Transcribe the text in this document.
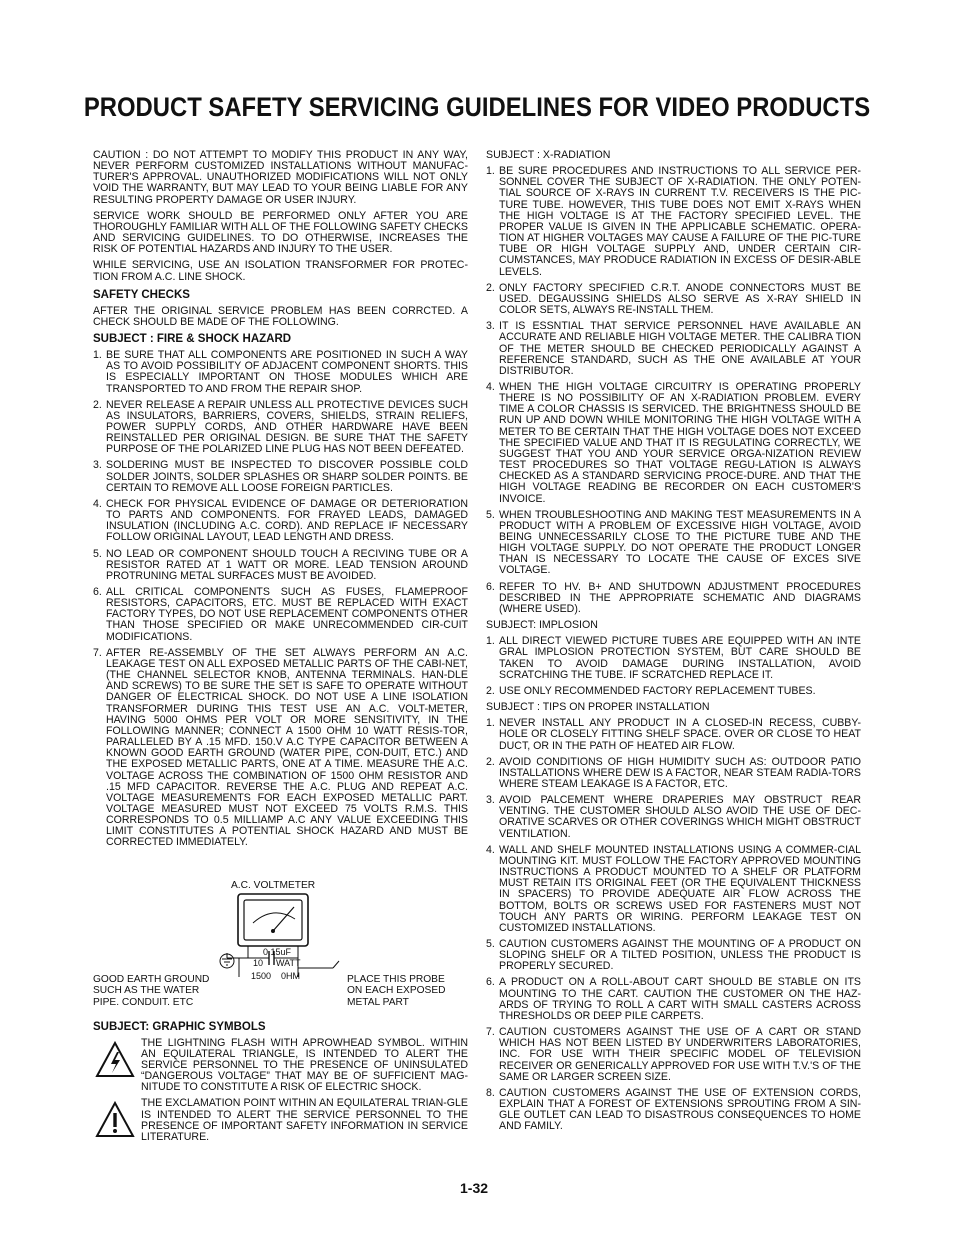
PRODUCT SAFETY SERVICING GUIDELINES FOR VIDEO PRODUCTS

CAUTION : DO NOT ATTEMPT TO MODIFY THIS PRODUCT IN ANY WAY, NEVER PERFORM CUSTOMIZED INSTALLATIONS WITHOUT MANUFAC-TURER'S APPROVAL. UNAUTHORIZED MODIFICATIONS WILL NOT ONLY VOID THE WARRANTY, BUT MAY LEAD TO YOUR BEING LIABLE FOR ANY RESULTING PROPERTY DAMAGE OR USER INJURY.

SERVICE WORK SHOULD BE PERFORMED ONLY AFTER YOU ARE THOROUGHLY FAMILIAR WITH ALL OF THE FOLLOWING SAFETY CHECKS AND SERVICING GUIDELINES. TO DO OTHERWISE, INCREASES THE RISK OF POTENTIAL HAZARDS AND INJURY TO THE USER.

WHILE SERVICING, USE AN ISOLATION TRANSFORMER FOR PROTEC-TION FROM A.C. LINE SHOCK.

SAFETY CHECKS

AFTER THE ORIGINAL SERVICE PROBLEM HAS BEEN CORRCTED. A CHECK SHOULD BE MADE OF THE FOLLOWING.

SUBJECT : FIRE & SHOCK HAZARD
1. BE SURE THAT ALL COMPONENTS ARE POSITIONED IN SUCH A WAY AS TO AVOID POSSIBILITY OF ADJACENT COMPONENT SHORTS. THIS IS ESPECIALLY IMPORTANT ON THOSE MODULES WHICH ARE TRANSPORTED TO AND FROM THE REPAIR SHOP.
2. NEVER RELEASE A REPAIR UNLESS ALL PROTECTIVE DEVICES SUCH AS INSULATORS, BARRIERS, COVERS, SHIELDS, STRAIN RELIEFS, POWER SUPPLY CORDS, AND OTHER HARDWARE HAVE BEEN REINSTALLED PER ORIGINAL DESIGN. BE SURE THAT THE SAFETY PURPOSE OF THE POLARIZED LINE PLUG HAS NOT BEEN DEFEATED.
3. SOLDERING MUST BE INSPECTED TO DISCOVER POSSIBLE COLD SOLDER JOINTS, SOLDER SPLASHES OR SHARP SOLDER POINTS. BE CERTAIN TO REMOVE ALL LOOSE FOREIGN PARTICLES.
4. CHECK FOR PHYSICAL EVIDENCE OF DAMAGE OR DETERIORATION TO PARTS AND COMPONENTS. FOR FRAYED LEADS, DAMAGED INSULATION (INCLUDING A.C. CORD). AND REPLACE IF NECESSARY FOLLOW ORIGINAL LAYOUT, LEAD LENGTH AND DRESS.
5. NO LEAD OR COMPONENT SHOULD TOUCH A RECIVING TUBE OR A RESISTOR RATED AT 1 WATT OR MORE. LEAD TENSION AROUND PROTRUNING METAL SURFACES MUST BE AVOIDED.
6. ALL CRITICAL COMPONENTS SUCH AS FUSES, FLAMEPROOF RESISTORS, CAPACITORS, ETC. MUST BE REPLACED WITH EXACT FACTORY TYPES, DO NOT USE REPLACEMENT COMPONENTS OTHER THAN THOSE SPECIFIED OR MAKE UNRECOMMENDED CIR-CUIT MODIFICATIONS.
7. AFTER RE-ASSEMBLY OF THE SET ALWAYS PERFORM AN A.C. LEAKAGE TEST ON ALL EXPOSED METALLIC PARTS OF THE CABI-NET, (THE CHANNEL SELECTOR KNOB, ANTENNA TERMINALS. HAN-DLE AND SCREWS) TO BE SURE THE SET IS SAFE TO OPERATE WITHOUT DANGER OF ELECTRICAL SHOCK. DO NOT USE A LINE ISOLATION TRANSFORMER DURING THIS TEST USE AN A.C. VOLT-METER, HAVING 5000 OHMS PER VOLT OR MORE SENSITIVITY, IN THE FOLLOWING MANNER; CONNECT A 1500 OHM 10 WATT RESIS-TOR, PARALLELED BY A .15 MFD. 150.V A.C TYPE CAPACITOR BETWEEN A KNOWN GOOD EARTH GROUND (WATER PIPE, CON-DUIT, ETC.) AND THE EXPOSED METALLIC PARTS, ONE AT A TIME. MEASURE THE A.C. VOLTAGE ACROSS THE COMBINATION OF 1500 OHM RESISTOR AND .15 MFD CAPACITOR. REVERSE THE A.C. PLUG AND REPEAT A.C. VOLTAGE MEASUREMENTS FOR EACH EXPOSED METALLIC PART. VOLTAGE MEASURED MUST NOT EXCEED 75 VOLTS R.M.S. THIS CORRESPONDS TO 0.5 MILLIAMP A.C ANY VALUE EXCEEDING THIS LIMIT CONSTITUTES A POTENTIAL SHOCK HAZARD AND MUST BE CORRECTED IMMEDIATELY.
A.C. VOLTMETER
0.15uF
1500 0HM
GOOD EARTH GROUND
SUCH AS THE WATER
PIPE. CONDUIT. ETC
PLACE THIS PROBE
ON EACH EXPOSED
METAL PART
$^{10}$ $^{WATT}$
SUBJECT: GRAPHIC SYMBOLS

THE LIGHTNING FLASH WITH APROWHEAD SYMBOL. WITHIN AN EQUILATERAL TRIANGLE, IS INTENDED TO ALERT THE SERVICE PERSONNEL TO THE PRESENCE OF UNINSULATED “DANGEROUS VOLTAGE” THAT MAY BE OF SUFFICIENT MAG-NITUDE TO CONSTITUTE A RISK OF ELECTRIC SHOCK.

THE EXCLAMATION POINT WITHIN AN EQUILATERAL TRIAN-GLE IS INTENDED TO ALERT THE SERVICE PERSONNEL TO THE PRESENCE OF IMPORTANT SAFETY INFORMATION IN SERVICE LITERATURE.

SUBJECT : X-RADIATION
1. BE SURE PROCEDURES AND INSTRUCTIONS TO ALL SERVICE PER-SONNEL COVER THE SUBJECT OF X-RADIATION. THE ONLY POTEN-TIAL SOURCE OF X-RAYS IN CURRENT T.V. RECEIVERS IS THE PIC-TURE TUBE. HOWEVER, THIS TUBE DOES NOT EMIT X-RAYS WHEN THE HIGH VOLTAGE IS AT THE FACTORY SPECIFIED LEVEL. THE PROPER VALUE IS GIVEN IN THE APPLICABLE SCHEMATIC. OPERA-TION AT HIGHER VOLTAGES MAY CAUSE A FAILURE OF THE PIC-TURE TUBE OR HIGH VOLTAGE SUPPLY AND, UNDER CERTAIN CIR-CUMSTANCES, MAY PRODUCE RADIATION IN EXCESS OF DESIR-ABLE LEVELS.
2. ONLY FACTORY SPECIFIED C.R.T. ANODE CONNECTORS MUST BE USED. DEGAUSSING SHIELDS ALSO SERVE AS X-RAY SHIELD IN COLOR SETS, ALWAYS RE-INSTALL THEM.
3. IT IS ESSNTIAL THAT SERVICE PERSONNEL HAVE AVAILABLE AN ACCURATE AND RELIABLE HIGH VOLTAGE METER. THE CALIBRA TION OF THE METER SHOULD BE CHECKED PERIODICALLY AGAINST A REFERENCE STANDARD, SUCH AS THE ONE AVAILABLE AT YOUR DISTRIBUTOR.
4. WHEN THE HIGH VOLTAGE CIRCUITRY IS OPERATING PROPERLY THERE IS NO POSSIBILITY OF AN X-RADIATION PROBLEM. EVERY TIME A COLOR CHASSIS IS SERVICED. THE BRIGHTNESS SHOULD BE RUN UP AND DOWN WHILE MONITORING THE HIGH VOLTAGE WITH A METER TO BE CERTAIN THAT THE HIGH VOLTAGE DOES NOT EXCEED THE SPECIFIED VALUE AND THAT IT IS REGULATING CORRECTLY, WE SUGGEST THAT YOU AND YOUR SERVICE ORGA-NIZATION REVIEW TEST PROCEDURES SO THAT VOLTAGE REGU-LATION IS ALWAYS CHECKED AS A STANDARD SERVICING PROCE-DURE. AND THAT THE HIGH VOLTAGE READING BE RECORDER ON EACH CUSTOMER'S INVOICE.
5. WHEN TROUBLESHOOTING AND MAKING TEST MEASUREMENTS IN A PRODUCT WITH A PROBLEM OF EXCESSIVE HIGH VOLTAGE, AVOID BEING UNNECESSARILY CLOSE TO THE PICTURE TUBE AND THE HIGH VOLTAGE SUPPLY. DO NOT OPERATE THE PRODUCT LONGER THAN IS NECESSARY TO LOCATE THE CAUSE OF EXCES SIVE VOLTAGE.
6. REFER TO HV. B+ AND SHUTDOWN ADJUSTMENT PROCEDURES DESCRIBED IN THE APPROPRIATE SCHEMATIC AND DIAGRAMS (WHERE USED).
SUBJECT: IMPLOSION
1. ALL DIRECT VIEWED PICTURE TUBES ARE EQUIPPED WITH AN INTE GRAL IMPLOSION PROTECTION SYSTEM, BUT CARE SHOULD BE TAKEN TO AVOID DAMAGE DURING INSTALLATION, AVOID SCRATCHING THE TUBE. IF SCRATCHED REPLACE IT.
2. USE ONLY RECOMMENDED FACTORY REPLACEMENT TUBES.
SUBJECT : TIPS ON PROPER INSTALLATION
1. NEVER INSTALL ANY PRODUCT IN A CLOSED-IN RECESS, CUBBY-HOLE OR CLOSELY FITTING SHELF SPACE. OVER OR CLOSE TO HEAT DUCT, OR IN THE PATH OF HEATED AIR FLOW.
2. AVOID CONDITIONS OF HIGH HUMIDITY SUCH AS: OUTDOOR PATIO INSTALLATIONS WHERE DEW IS A FACTOR, NEAR STEAM RADIA-TORS WHERE STEAM LEAKAGE IS A FACTOR, ETC.
3. AVOID PALCEMENT WHERE DRAPERIES MAY OBSTRUCT REAR VENTING. THE CUSTOMER SHOULD ALSO AVOID THE USE OF DEC-ORATIVE SCARVES OR OTHER COVERINGS WHICH MIGHT OBSTRUCT VENTILATION.
4. WALL AND SHELF MOUNTED INSTALLATIONS USING A COMMER-CIAL MOUNTING KIT. MUST FOLLOW THE FACTORY APPROVED MOUNTING INSTRUCTIONS A PRODUCT MOUNTED TO A SHELF OR PLATFORM MUST RETAIN ITS ORIGINAL FEET (OR THE EQUIVALENT THICKNESS IN SPACERS) TO PROVIDE ADEQUATE AIR FLOW ACROSS THE BOTTOM, BOLTS OR SCREWS USED FOR FASTENERS MUST NOT TOUCH ANY PARTS OR WIRING. PERFORM LEAKAGE TEST ON CUSTOMIZED INSTALLATIONS.
5. CAUTION CUSTOMERS AGAINST THE MOUNTING OF A PRODUCT ON SLOPING SHELF OR A TILTED POSITION, UNLESS THE PRODUCT IS PROPERLY SECURED.
6. A PRODUCT ON A ROLL-ABOUT CART SHOULD BE STABLE ON ITS MOUNTING TO THE CART. CAUTION THE CUSTOMER ON THE HAZ-ARDS OF TRYING TO ROLL A CART WITH SMALL CASTERS ACROSS THRESHOLDS OR DEEP PILE CARPETS.
7. CAUTION CUSTOMERS AGAINST THE USE OF A CART OR STAND WHICH HAS NOT BEEN LISTED BY UNDERWRITERS LABORATORIES, INC. FOR USE WITH THEIR SPECIFIC MODEL OF TELEVISION RECEIVER OR GENERICALLY APPROVED FOR USE WITH T.V.'S OF THE SAME OR LARGER SCREEN SIZE.
8. CAUTION CUSTOMERS AGAINST THE USE OF EXTENSION CORDS, EXPLAIN THAT A FOREST OF EXTENSIONS SPROUTING FROM A SIN-GLE OUTLET CAN LEAD TO DISASTROUS CONSEQUENCES TO HOME AND FAMILY.
1-32
